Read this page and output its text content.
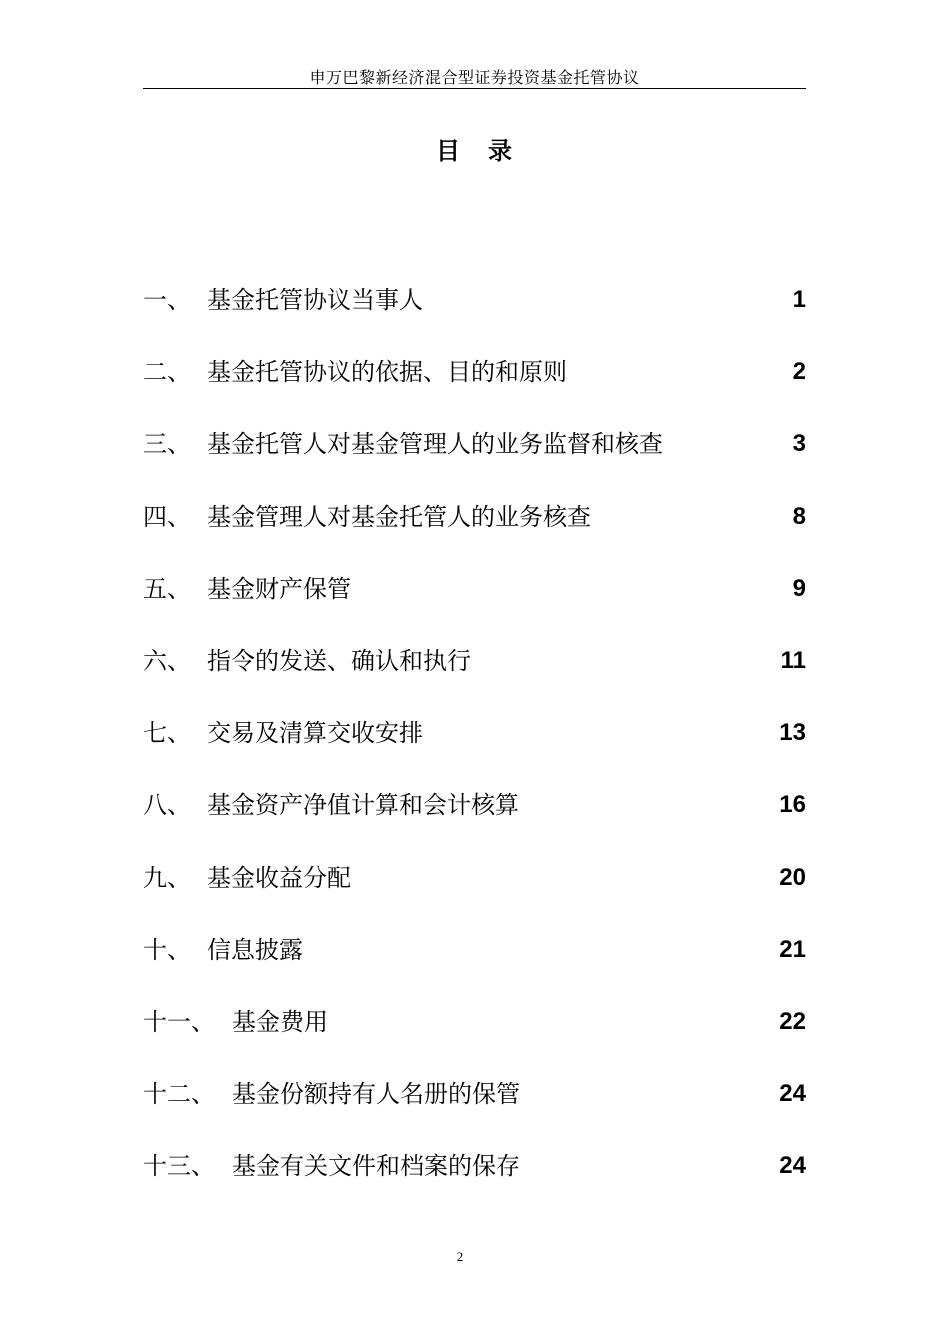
申万巴黎新经济混合型证券投资基金托管协议
目 录
一、 基金托管协议当事人	1
二、 基金托管协议的依据、目的和原则	2
三、 基金托管人对基金管理人的业务监督和核查	3
四、 基金管理人对基金托管人的业务核查	8
五、 基金财产保管	9
六、 指令的发送、确认和执行	11
七、 交易及清算交收安排	13
八、 基金资产净值计算和会计核算	16
九、 基金收益分配	20
十、 信息披露	21
十一、 基金费用	22
十二、 基金份额持有人名册的保管	24
十三、 基金有关文件和档案的保存	24
2
